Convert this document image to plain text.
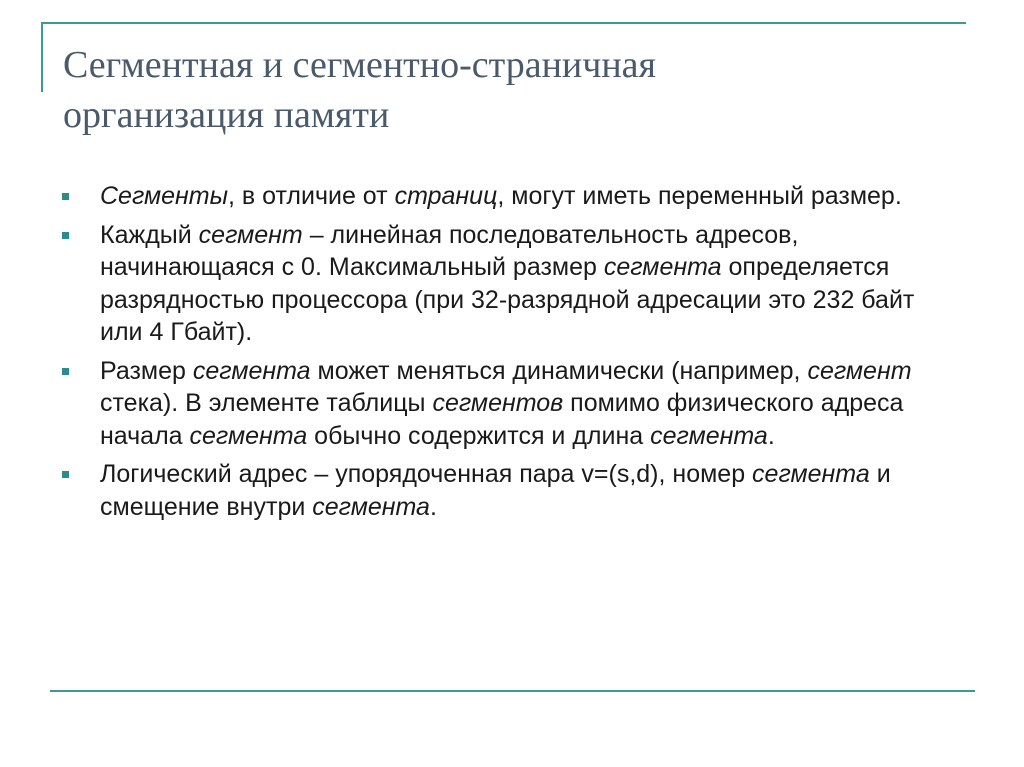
Сегментная и сегментно-страничная
организация памяти
Сегменты, в отличие от страниц, могут иметь переменный размер.
Каждый сегмент – линейная последовательность адресов, начинающаяся с 0. Максимальный размер сегмента определяется разрядностью процессора (при 32-разрядной адресации это 232 байт или 4 Гбайт).
Размер сегмента может меняться динамически (например, сегмент стека). В элементе таблицы сегментов помимо физического адреса начала сегмента обычно содержится и длина сегмента.
Логический адрес – упорядоченная пара v=(s,d), номер сегмента и смещение внутри сегмента.
